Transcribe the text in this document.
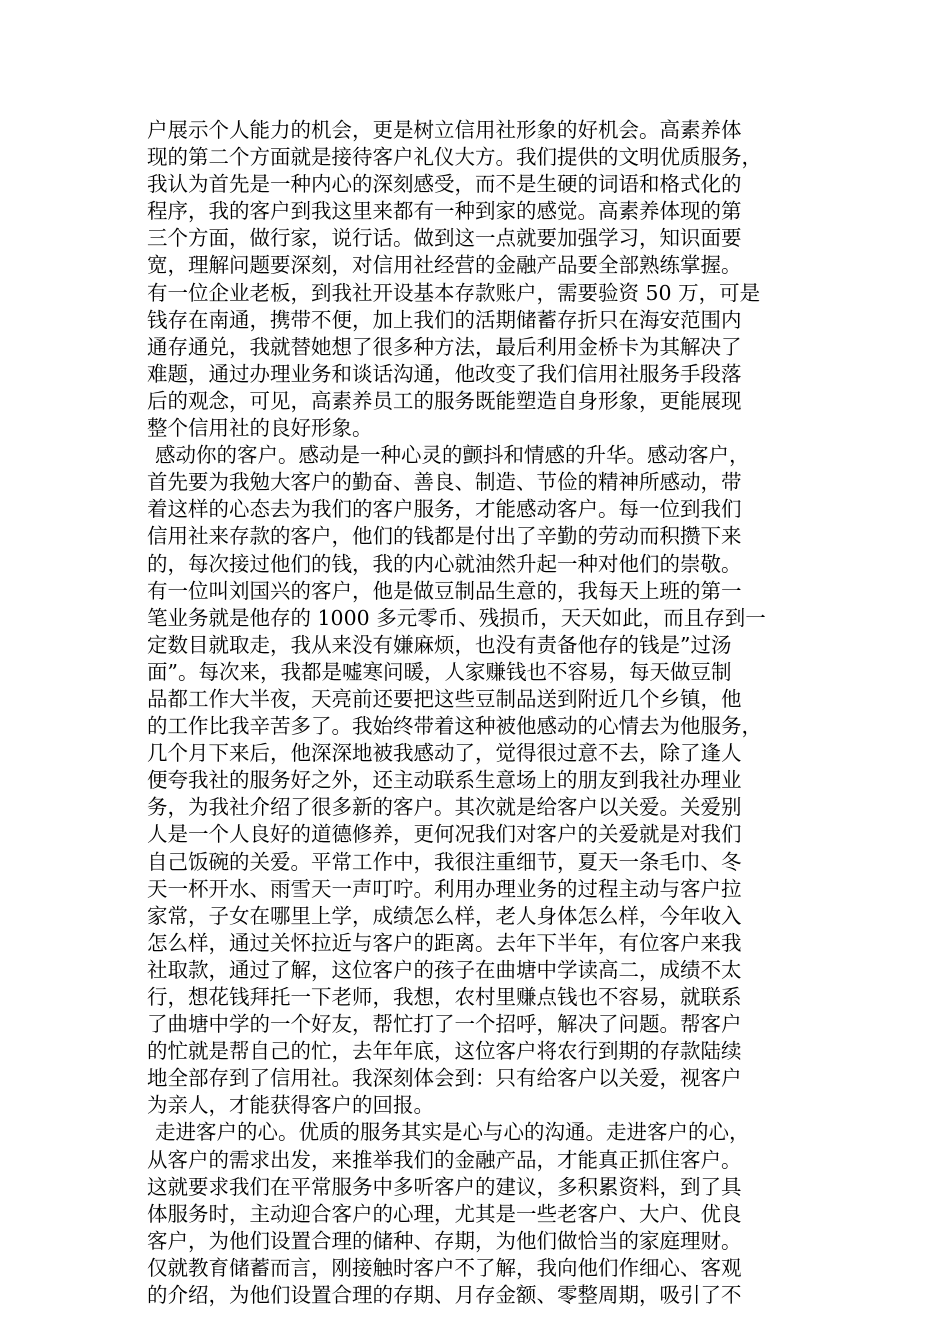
户展示个人能力的机会，更是树立信用社形象的好机会。高素养体
现的第二个方面就是接待客户礼仪大方。我们提供的文明优质服务，
我认为首先是一种内心的深刻感受，而不是生硬的词语和格式化的
程序，我的客户到我这里来都有一种到家的感觉。高素养体现的第
三个方面，做行家，说行话。做到这一点就要加强学习，知识面要
宽，理解问题要深刻，对信用社经营的金融产品要全部熟练掌握。
有一位企业老板，到我社开设基本存款账户，需要验资 50 万，可是
钱存在南通，携带不便，加上我们的活期储蓄存折只在海安范围内
通存通兑，我就替她想了很多种方法，最后利用金桥卡为其解决了
难题，通过办理业务和谈话沟通，他改变了我们信用社服务手段落
后的观念，可见，高素养员工的服务既能塑造自身形象，更能展现
整个信用社的良好形象。
感动你的客户。感动是一种心灵的颤抖和情感的升华。感动客户，
首先要为我勉大客户的勤奋、善良、制造、节俭的精神所感动，带
着这样的心态去为我们的客户服务，才能感动客户。每一位到我们
信用社来存款的客户，他们的钱都是付出了辛勤的劳动而积攒下来
的，每次接过他们的钱，我的内心就油然升起一种对他们的崇敬。
有一位叫刘国兴的客户，他是做豆制品生意的，我每天上班的第一
笔业务就是他存的 1000 多元零币、残损币，天天如此，而且存到一
定数目就取走，我从来没有嫌麻烦，也没有责备他存的钱是”过汤
面”。每次来，我都是嘘寒问暖，人家赚钱也不容易，每天做豆制
品都工作大半夜，天亮前还要把这些豆制品送到附近几个乡镇，他
的工作比我辛苦多了。我始终带着这种被他感动的心情去为他服务，
几个月下来后，他深深地被我感动了，觉得很过意不去，除了逢人
便夸我社的服务好之外，还主动联系生意场上的朋友到我社办理业
务，为我社介绍了很多新的客户。其次就是给客户以关爱。关爱别
人是一个人良好的道德修养，更何况我们对客户的关爱就是对我们
自己饭碗的关爱。平常工作中，我很注重细节，夏天一条毛巾、冬
天一杯开水、雨雪天一声叮咛。利用办理业务的过程主动与客户拉
家常，子女在哪里上学，成绩怎么样，老人身体怎么样，今年收入
怎么样，通过关怀拉近与客户的距离。去年下半年，有位客户来我
社取款，通过了解，这位客户的孩子在曲塘中学读高二，成绩不太
行，想花钱拜托一下老师，我想，农村里赚点钱也不容易，就联系
了曲塘中学的一个好友，帮忙打了一个招呼，解决了问题。帮客户
的忙就是帮自己的忙，去年年底，这位客户将农行到期的存款陆续
地全部存到了信用社。我深刻体会到：只有给客户以关爱，视客户
为亲人，才能获得客户的回报。
走进客户的心。优质的服务其实是心与心的沟通。走进客户的心，
从客户的需求出发，来推举我们的金融产品，才能真正抓住客户。
这就要求我们在平常服务中多听客户的建议，多积累资料，到了具
体服务时，主动迎合客户的心理，尤其是一些老客户、大户、优良
客户，为他们设置合理的储种、存期，为他们做恰当的家庭理财。
仅就教育储蓄而言，刚接触时客户不了解，我向他们作细心、客观
的介绍，为他们设置合理的存期、月存金额、零整周期，吸引了不
